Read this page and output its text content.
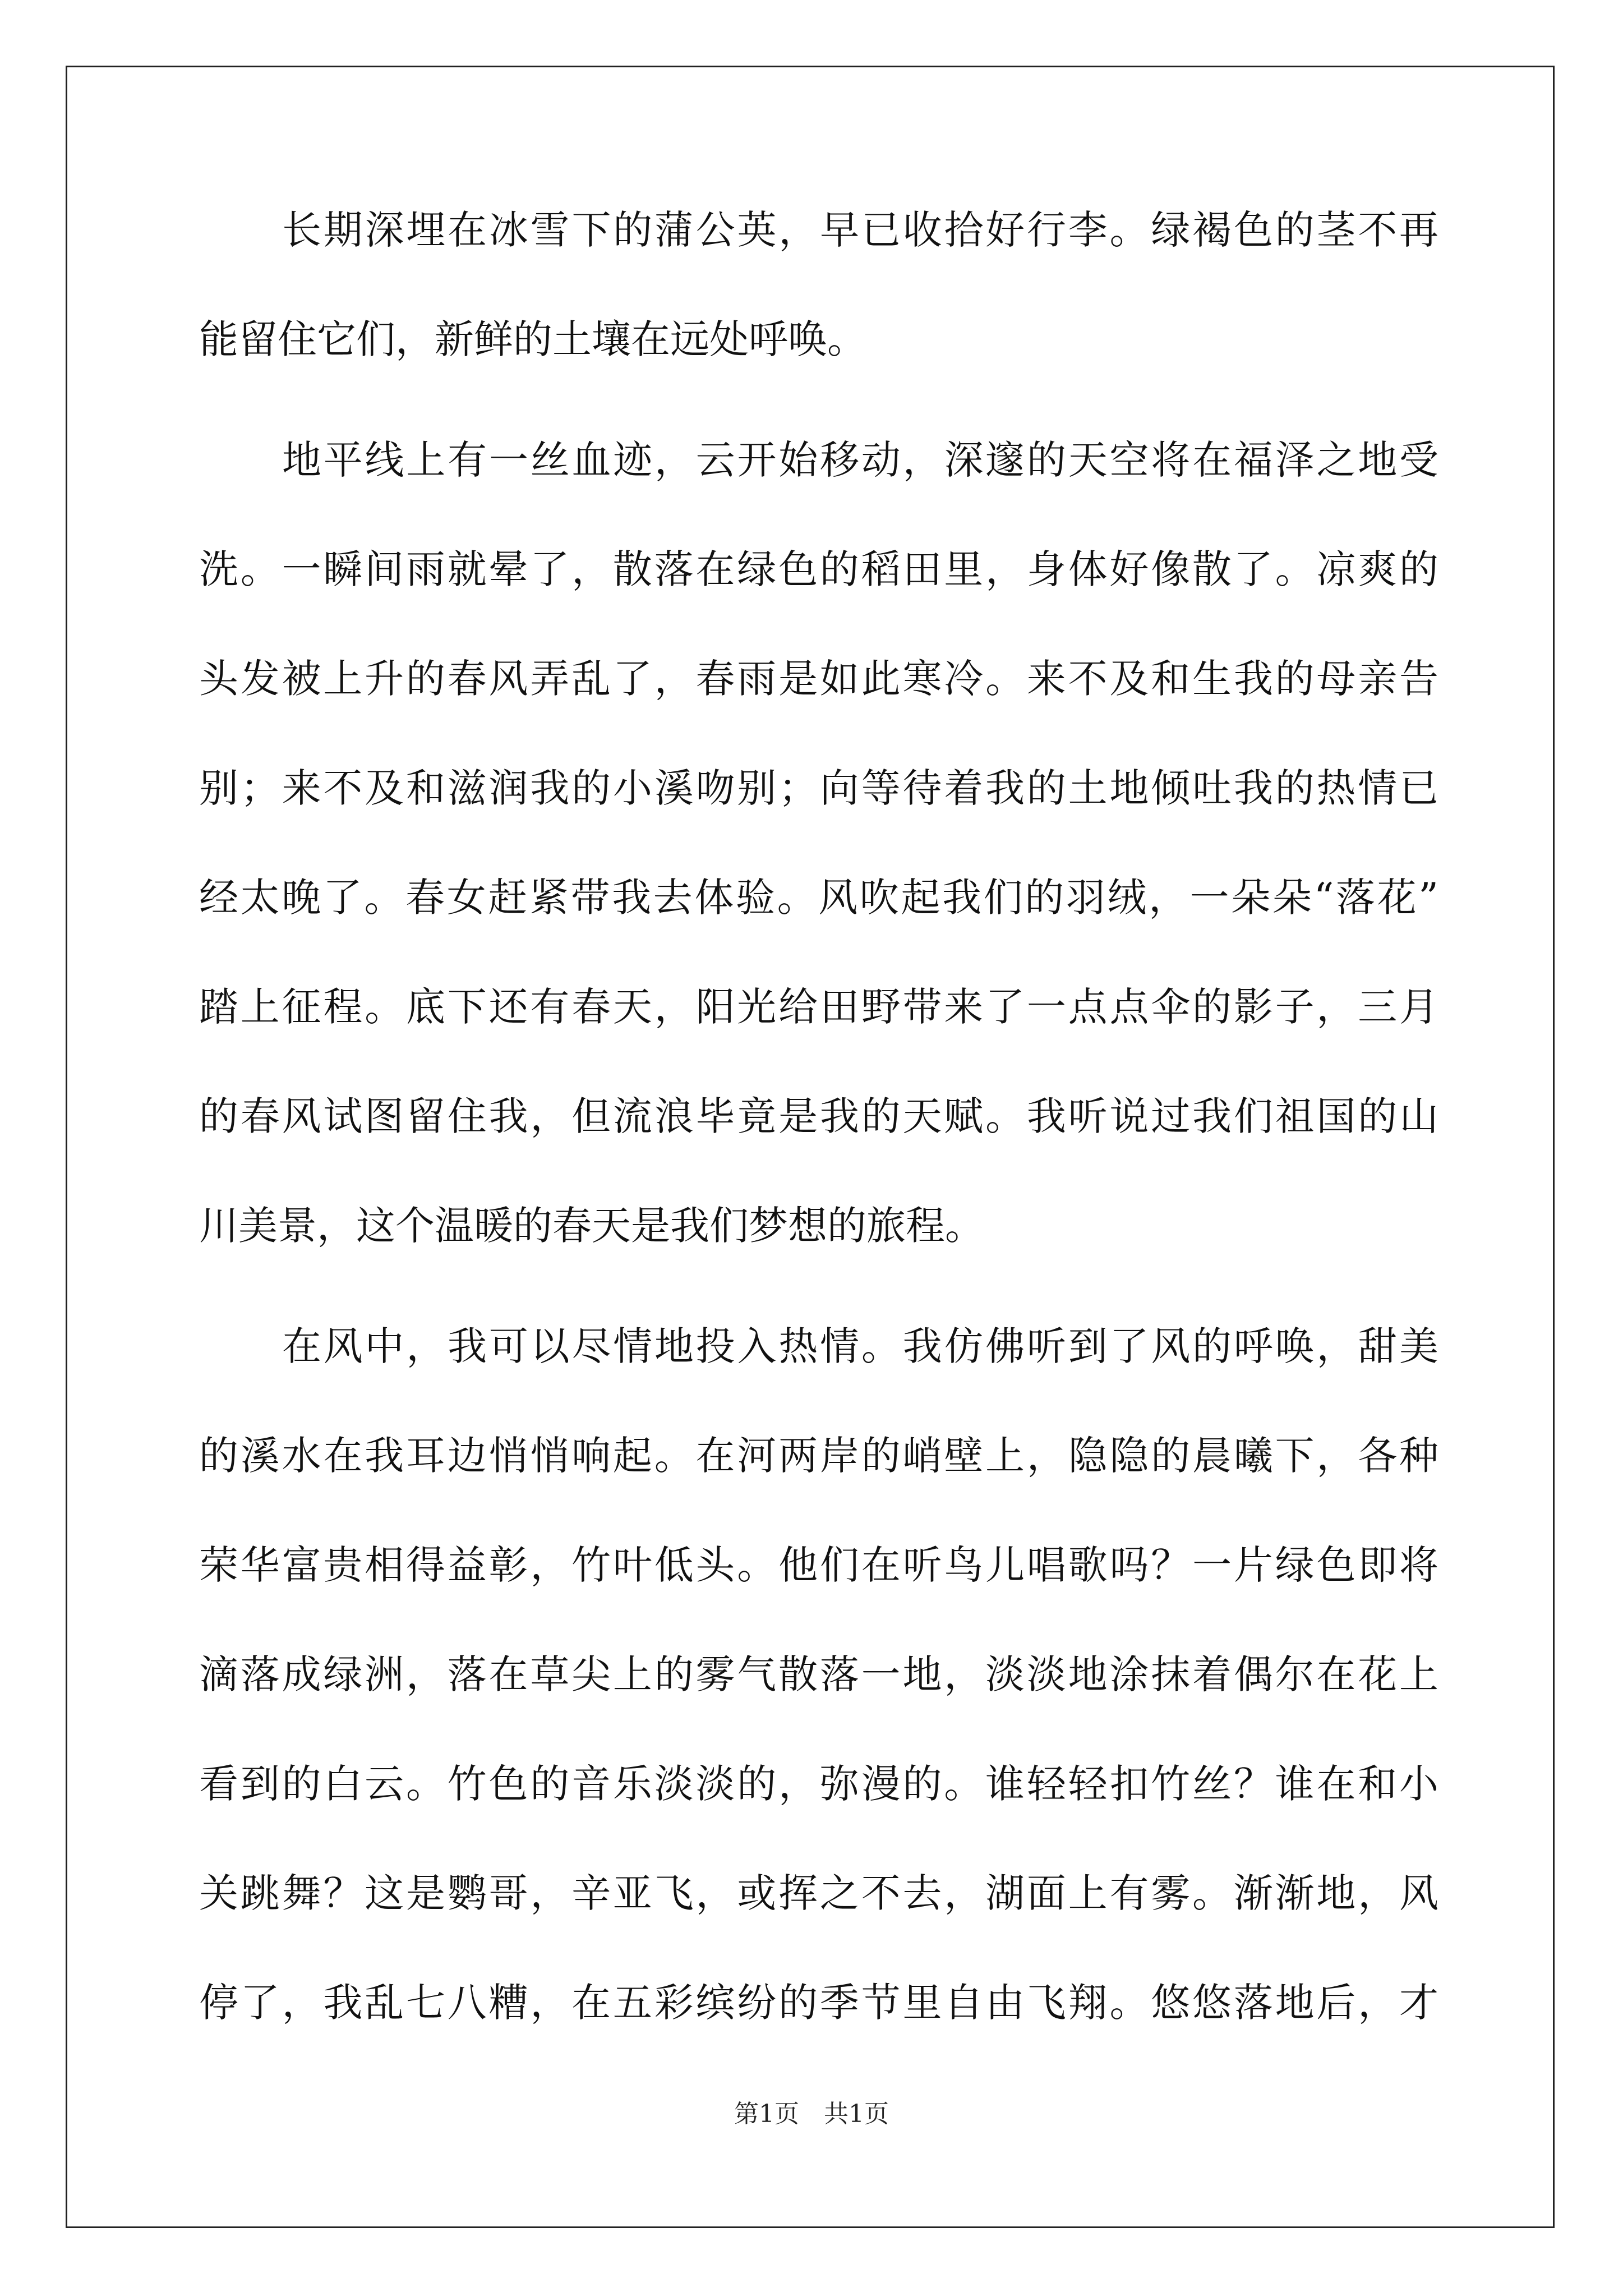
长期深埋在冰雪下的蒲公英，早已收拾好行李。绿褐色的茎不再
能留住它们，新鲜的土壤在远处呼唤。
地平线上有一丝血迹，云开始移动，深邃的天空将在福泽之地受
洗。一瞬间雨就晕了，散落在绿色的稻田里，身体好像散了。凉爽的
头发被上升的春风弄乱了，春雨是如此寒冷。来不及和生我的母亲告
别；来不及和滋润我的小溪吻别；向等待着我的土地倾吐我的热情已
经太晚了。春女赶紧带我去体验。风吹起我们的羽绒，一朵朵“落花”
踏上征程。底下还有春天，阳光给田野带来了一点点伞的影子，三月
的春风试图留住我，但流浪毕竟是我的天赋。我听说过我们祖国的山
川美景，这个温暖的春天是我们梦想的旅程。
在风中，我可以尽情地投入热情。我仿佛听到了风的呼唤，甜美
的溪水在我耳边悄悄响起。在河两岸的峭壁上，隐隐的晨曦下，各种
荣华富贵相得益彰，竹叶低头。他们在听鸟儿唱歌吗？一片绿色即将
滴落成绿洲，落在草尖上的雾气散落一地，淡淡地涂抹着偶尔在花上
看到的白云。竹色的音乐淡淡的，弥漫的。谁轻轻扣竹丝？谁在和小
关跳舞？这是鹦哥，辛亚飞，或挥之不去，湖面上有雾。渐渐地，风
停了，我乱七八糟，在五彩缤纷的季节里自由飞翔。悠悠落地后，才
第1页　共1页
